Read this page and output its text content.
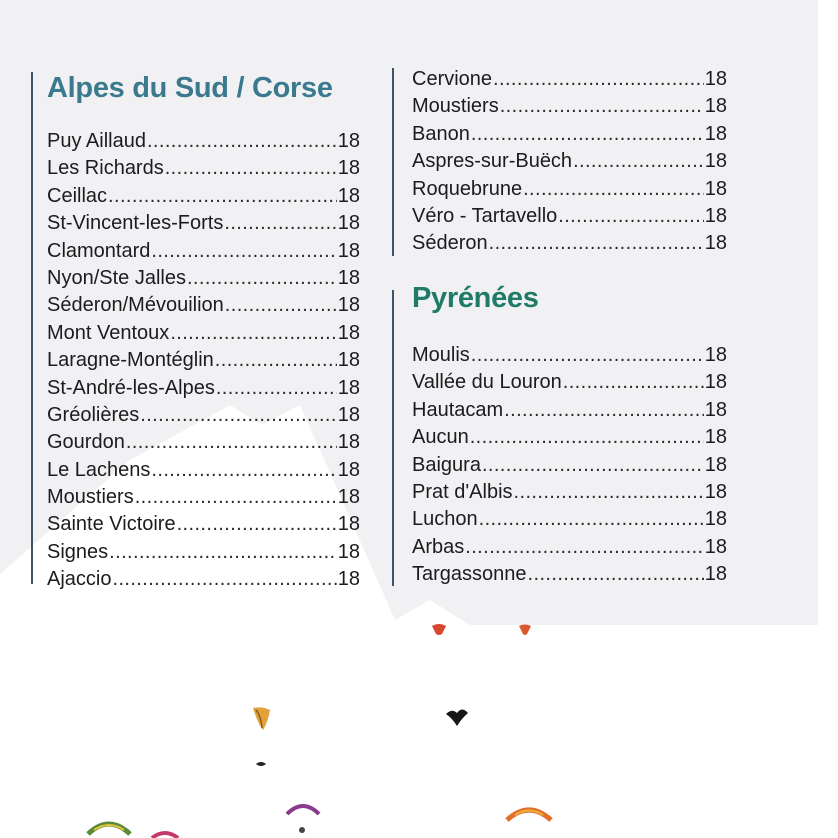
Alpes du Sud / Corse
Puy Aillaud .....	18
Les Richards .....	18
Ceillac .....	18
St-Vincent-les-Forts .....	18
Clamontard .....	18
Nyon/Ste Jalles .....	18
Séderon/Mévouilion .....	18
Mont Ventoux .....	18
Laragne-Montéglin .....	18
St-André-les-Alpes .....	18
Gréolières .....	18
Gourdon .....	18
Le Lachens .....	18
Moustiers .....	18
Sainte Victoire .....	18
Signes .....	18
Ajaccio .....	18
Cervione .....	18
Moustiers .....	18
Banon .....	18
Aspres-sur-Buëch .....	18
Roquebrune .....	18
Véro - Tartavello .....	18
Séderon .....	18
Pyrénées
Moulis .....	18
Vallée du Louron .....	18
Hautacam .....	18
Aucun .....	18
Baigura .....	18
Prat d'Albis .....	18
Luchon .....	18
Arbas .....	18
Targassonne .....	18
